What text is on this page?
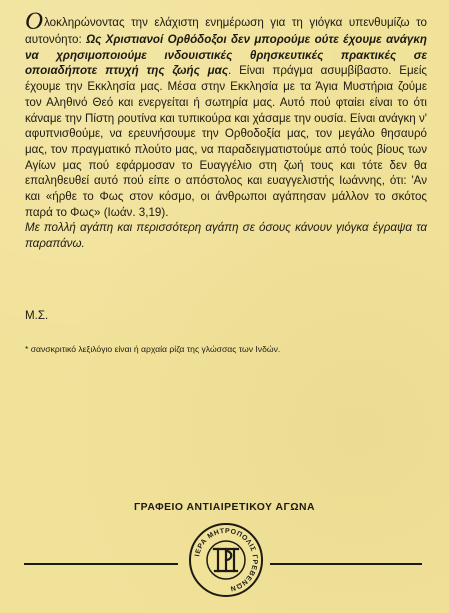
Ολοκληρώνοντας την ελάχιστη ενημέρωση για τη γιόγκα υπενθυμίζω το αυτονόητο: Ως Χριστιανοί Ορθόδοξοι δεν μπορούμε ούτε έχουμε ανάγκη να χρησιμοποιούμε ινδουιστικές θρησκευτικές πρακτικές σε οποιαδήποτε πτυχή της ζωής μας. Είναι πράγμα ασυμβίβαστο. Εμείς έχουμε την Εκκλησία μας. Μέσα στην Εκκλησία με τα Άγια Μυστήρια ζούμε τον Αληθινό Θεό και ενεργείται ή σωτηρία μας. Αυτό πού φταίει είναι το ότι κάναμε την Πίστη ρουτίνα και τυπικούρα και χάσαμε την ουσία. Είναι ανάγκη ν' αφυπνισθούμε, να ερευνήσουμε την Ορθοδοξία μας, τον μεγάλο θησαυρό μας, τον πραγματικό πλούτο μας, να παραδειγματιστούμε από τούς βίους των Αγίων μας πού εφάρμοσαν το Ευαγγέλιο στη ζωή τους και τότε δεν θα επαληθευθεί αυτό πού είπε ο απόστολος και ευαγγελιστής Ιωάννης, ότι: 'Αν και «ήρθε το Φως στον κόσμο, οι άνθρωποι αγάπησαν μάλλον το σκότος παρά το Φως» (Ιωάν. 3,19).
Με πολλή αγάπη και περισσότερη αγάπη σε όσους κάνουν γιόγκα έγραψα τα παραπάνω.

Μ.Σ.

* σανσκριτικό λεξιλόγιο είναι ή αρχαία ρίζα της γλώσσας των Ινδών.

ΓΡΑΦΕΙΟ ΑΝΤΙΑΙΡΕΤΙΚΟΥ ΑΓΩΝΑ

ΙΕΡΑ ΜΗΤΡΟΠΟΛΙΣ ΓΡΕΒΕΝΩΝ
